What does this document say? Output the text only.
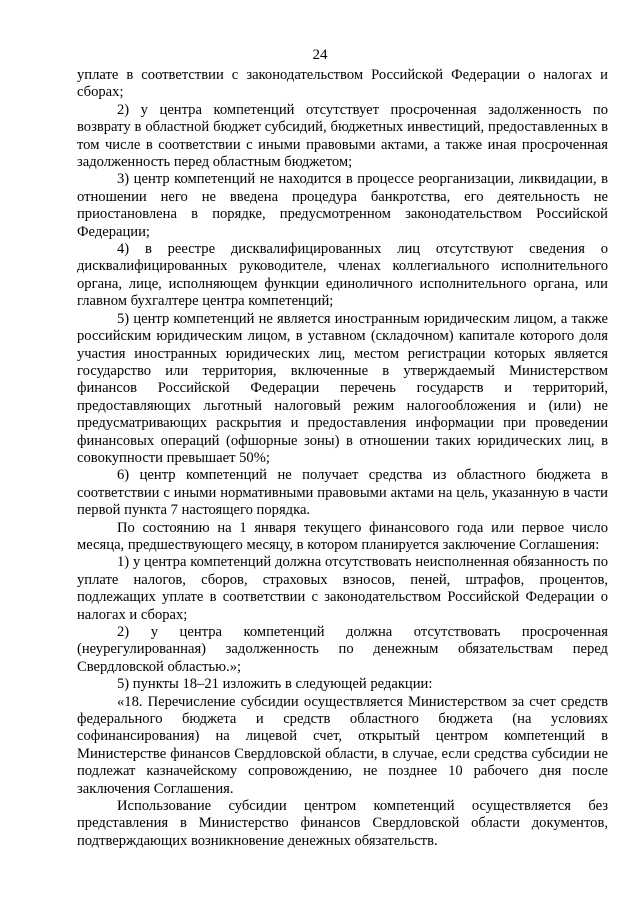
24

уплате в соответствии с законодательством Российской Федерации о налогах и сборах;

2) у центра компетенций отсутствует просроченная задолженность по возврату в областной бюджет субсидий, бюджетных инвестиций, предоставленных в том числе в соответствии с иными правовыми актами, а также иная просроченная задолженность перед областным бюджетом;

3) центр компетенций не находится в процессе реорганизации, ликвидации, в отношении него не введена процедура банкротства, его деятельность не приостановлена в порядке, предусмотренном законодательством Российской Федерации;

4) в реестре дисквалифицированных лиц отсутствуют сведения о дисквалифицированных руководителе, членах коллегиального исполнительного органа, лице, исполняющем функции единоличного исполнительного органа, или главном бухгалтере центра компетенций;

5) центр компетенций не является иностранным юридическим лицом, а также российским юридическим лицом, в уставном (складочном) капитале которого доля участия иностранных юридических лиц, местом регистрации которых является государство или территория, включенные в утверждаемый Министерством финансов Российской Федерации перечень государств и территорий, предоставляющих льготный налоговый режим налогообложения и (или) не предусматривающих раскрытия и предоставления информации при проведении финансовых операций (офшорные зоны) в отношении таких юридических лиц, в совокупности превышает 50%;

6) центр компетенций не получает средства из областного бюджета в соответствии с иными нормативными правовыми актами на цель, указанную в части первой пункта 7 настоящего порядка.

По состоянию на 1 января текущего финансового года или первое число месяца, предшествующего месяцу, в котором планируется заключение Соглашения:

1) у центра компетенций должна отсутствовать неисполненная обязанность по уплате налогов, сборов, страховых взносов, пеней, штрафов, процентов, подлежащих уплате в соответствии с законодательством Российской Федерации о налогах и сборах;

2) у центра компетенций должна отсутствовать просроченная (неурегулированная) задолженность по денежным обязательствам перед Свердловской областью.»;

5) пункты 18–21 изложить в следующей редакции:

«18. Перечисление субсидии осуществляется Министерством за счет средств федерального бюджета и средств областного бюджета (на условиях софинансирования) на лицевой счет, открытый центром компетенций в Министерстве финансов Свердловской области, в случае, если средства субсидии не подлежат казначейскому сопровождению, не позднее 10 рабочего дня после заключения Соглашения.

Использование субсидии центром компетенций осуществляется без представления в Министерство финансов Свердловской области документов, подтверждающих возникновение денежных обязательств.
